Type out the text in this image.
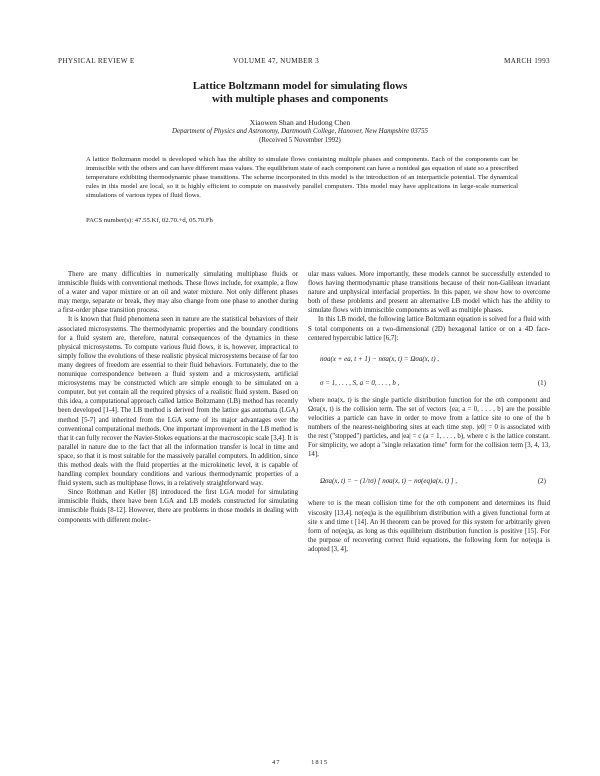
PHYSICAL REVIEW E	VOLUME 47, NUMBER 3	MARCH 1993
Lattice Boltzmann model for simulating flows
with multiple phases and components
Xiaowen Shan and Hudong Chen
Department of Physics and Astronomy, Dartmouth College, Hanover, New Hampshire 03755
(Received 5 November 1992)

A lattice Boltzmann model is developed which has the ability to simulate flows containing multiple phases and components. Each of the components can be immiscible with the others and can have different mass values. The equilibrium state of each component can have a nonideal gas equation of state so a prescribed temperature exhibiting thermodynamic phase transitions. The scheme incorporated in this model is the introduction of an interparticle potential. The dynamical rules in this model are local, so it is highly efficient to compute on massively parallel computers. This model may have applications in large-scale numerical simulations of various types of fluid flows.

PACS number(s): 47.55.Kf, 02.70.+d, 05.70.Fh

There are many difficulties in numerically simulating multiphase fluids or immiscible fluids with conventional methods. These flows include, for example, a flow of a water and vapor mixture or an oil and water mixture. Not only different phases may merge, separate or break, they may also change from one phase to another during a first-order phase transition process.

It is known that fluid phenomena seen in nature are the statistical behaviors of their associated microsystems. The thermodynamic properties and the boundary conditions for a fluid system are, therefore, natural consequences of the dynamics in these physical microsystems. To compute various fluid flows, it is, however, impractical to simply follow the evolutions of these realistic physical microsystems because of far too many degrees of freedom are essential to their fluid behaviors. Fortunately, due to the nonunique correspondence between a fluid system and a microsystem, artificial microsystems may be constructed which are simple enough to be simulated on a computer, but yet contain all the required physics of a realistic fluid system. Based on this idea, a computational approach called lattice Boltzmann (LB) method has recently been developed [1-4]. The LB method is derived from the lattice gas automata (LGA) method [5-7] and inherited from the LGA some of its major advantages over the conventional computational methods. One important improvement in the LB method is that it can fully recover the Navier-Stokes equations at the macroscopic scale [3,4]. It is parallel in nature due to the fact that all the information transfer is local in time and space, so that it is most suitable for the massively parallel computers. In addition, since this method deals with the fluid properties at the microkinetic level, it is capable of handling complex boundary conditions and various thermodynamic properties of a fluid system, such as multiphase flows, in a relatively straightforward way.

Since Rothman and Keller [8] introduced the first LGA model for simulating immiscible fluids, there have been LGA and LB models constructed for simulating immiscible fluids [8-12]. However, there are problems in those models in dealing with components with different molec-

ular mass values. More importantly, these models cannot be successfully extended to flows having thermodynamic phase transitions because of their non-Galilean invariant nature and unphysical interfacial properties. In this paper, we show how to overcome both of these problems and present an alternative LB model which has the ability to simulate flows with immiscible components as well as multiple phases.

In this LB model, the following lattice Boltzmann equation is solved for a fluid with S total components on a two-dimensional (2D) hexagonal lattice or on a 4D face-centered hypercubic lattice [6,7]:

nσa(x + ea, t + 1) − nσa(x, t) = Ωσa(x, t) ,
σ = 1, . . . , S, a = 0, . . . , b ,	(1)

where nσa(x, t) is the single particle distribution function for the σth component and Ωσa(x, t) is the collision term. The set of vectors {ea; a = 0, . . . , b} are the possible velocities a particle can have in order to move from a lattice site to one of the b numbers of the nearest-neighboring sites at each time step. |e0| = 0 is associated with the rest ("stopped") particles, and |ea| = c (a = 1, . . . , b), where c is the lattice constant. For simplicity, we adopt a "single relaxation time" form for the collision term [3, 4, 13, 14],

Ωσa(x, t) = − (1/τσ) [ nσa(x, t) − nσ(eq)a(x, t) ] ,	(2)

where τσ is the mean collision time for the σth component and determines its fluid viscosity [13,4]. nσ(eq)a is the equilibrium distribution with a given functional form at site x and time t [14]. An H theorem can be proved for this system for arbitrarily given form of nσ(eq)a, as long as this equilibrium distribution function is positive [15]. For the purpose of recovering correct fluid equations, the following form for nσ(eq)a is adopted [3, 4],

47	1815
